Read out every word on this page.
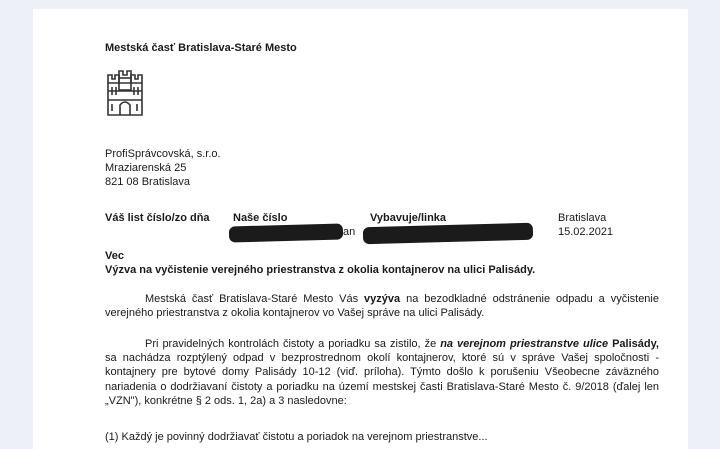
Mestská časť Bratislava-Staré Mesto
ProfiSprávcovská, s.r.o.
Mraziarenská 25
821 08 Bratislava
Váš list číslo/zo dňa Naše číslo
an
Vybavuje/linka	Bratislava
15.02.2021
Vec
Výzva na vyčistenie verejného priestranstva z okolia kontajnerov na ulici Palisády.

Mestská časť Bratislava-Staré Mesto Vás vyzýva na bezodkladné odstránenie odpadu a vyčistenie verejného priestranstva z okolia kontajnerov vo Vašej správe na ulici Palisády.

Pri pravidelných kontrolách čistoty a poriadku sa zistilo, že na verejnom priestranstve ulice Palisády, sa nachádza rozptýlený odpad v bezprostrednom okolí kontajnerov, ktoré sú v správe Vašej spoločnosti - kontajnery pre bytové domy Palisády 10-12 (viď. príloha). Týmto došlo k porušeniu Všeobecne záväzného nariadenia o dodržiavaní čistoty a poriadku na území mestskej časti Bratislava-Staré Mesto č. 9/2018 (ďalej len „VZN"), konkrétne § 2 ods. 1, 2a) a 3 nasledovne:

(1) Každý je povinný dodržiavať čistotu a poriadok na verejnom priestranstve...
